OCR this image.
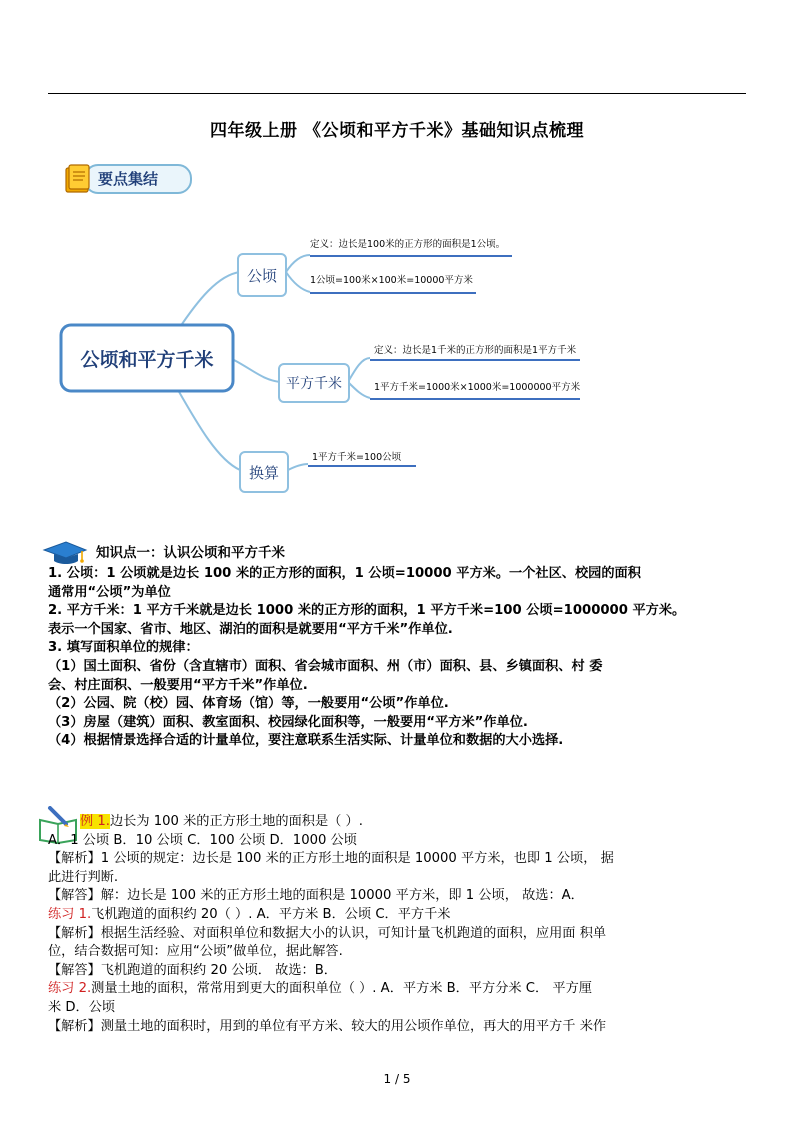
四年级上册 《公顷和平方千米》基础知识点梳理
要点集结
公顷和平方千米
公顷
平方千米
换算
定义：边长是100米的正方形的面积是1公顷。
1公顷=100米×100米=10000平方米
定义：边长是1千米的正方形的面积是1平方千米
1平方千米=1000米×1000米=1000000平方米
1平方千米=100公顷
知识点一：认识公顷和平方千米
1. 公顷：1 公顷就是边长 100 米的正方形的面积，1 公顷=10000 平方米。一个社区、校园的面积
通常用“公顷”为单位
2. 平方千米：1 平方千米就是边长 1000 米的正方形的面积，1 平方千米=100 公顷=1000000 平方米。
表示一个国家、省市、地区、湖泊的面积是就要用“平方千米”作单位.
3. 填写面积单位的规律：
（1）国土面积、省份（含直辖市）面积、省会城市面积、州（市）面积、县、乡镇面积、村 委
会、村庄面积、一般要用“平方千米”作单位.
（2）公园、院（校）园、体育场（馆）等，一般要用“公顷”作单位.
（3）房屋（建筑）面积、教室面积、校园绿化面积等，一般要用“平方米”作单位.
（4）根据情景选择合适的计量单位，要注意联系生活实际、计量单位和数据的大小选择.
例 1.边长为 100 米的正方形土地的面积是（ ）.
A．1 公顷 B．10 公顷 C．100 公顷 D．1000 公顷
【解析】1 公顷的规定：边长是 100 米的正方形土地的面积是 10000 平方米，也即 1 公顷， 据
此进行判断.
【解答】解：边长是 100 米的正方形土地的面积是 10000 平方米，即 1 公顷， 故选：A．
练习 1.飞机跑道的面积约 20（ ）. A．平方米 B．公顷 C．平方千米
【解析】根据生活经验、对面积单位和数据大小的认识，可知计量飞机跑道的面积，应用面 积单
位，结合数据可知：应用“公顷”做单位，据此解答.
【解答】飞机跑道的面积约 20 公顷． 故选：B．
练习 2.测量土地的面积，常常用到更大的面积单位（ ）. A．平方米 B．平方分米 C． 平方厘
米 D．公顷
【解析】测量土地的面积时，用到的单位有平方米、较大的用公顷作单位，再大的用平方千 米作
1 / 5
